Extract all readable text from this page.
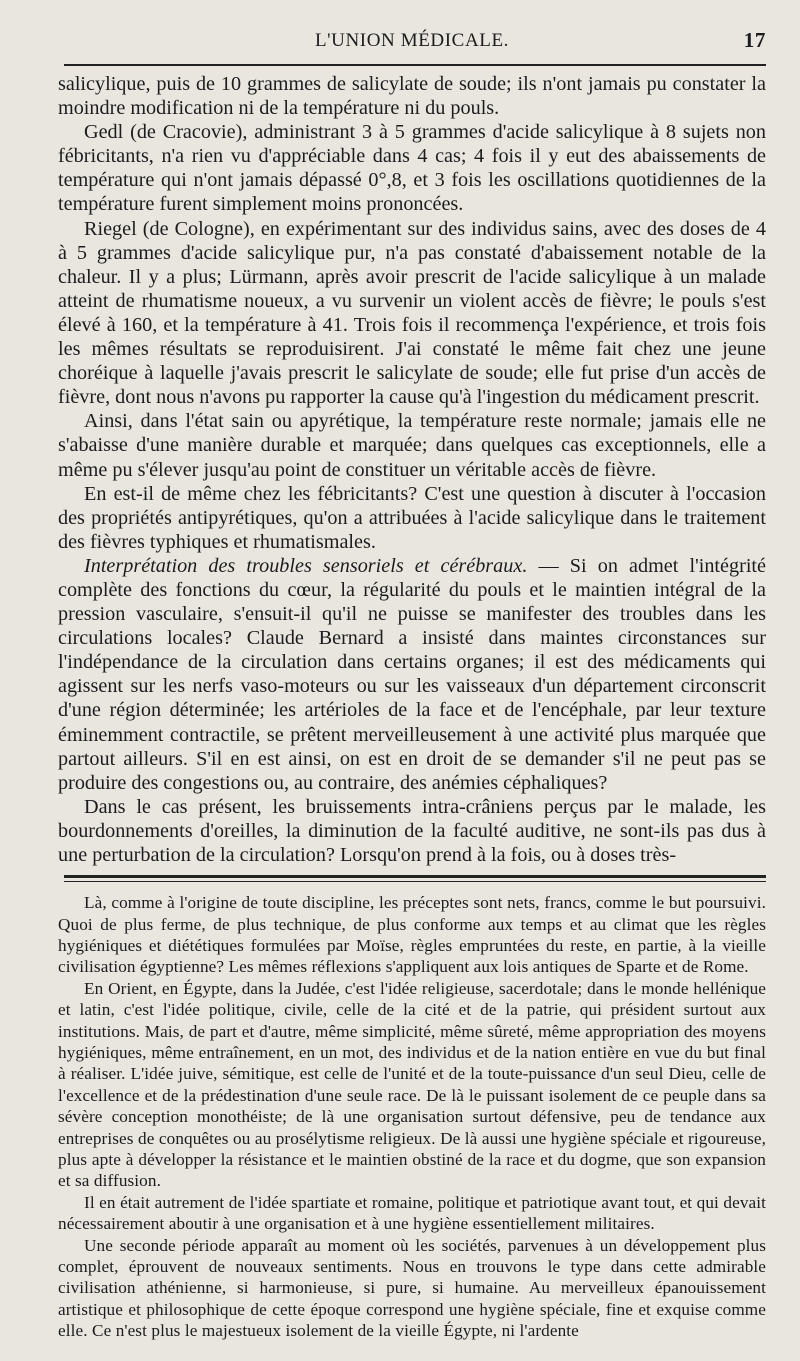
L'UNION MÉDICALE.	17

salicylique, puis de 10 grammes de salicylate de soude; ils n'ont jamais pu constater la moindre modification ni de la température ni du pouls.

Gedl (de Cracovie), administrant 3 à 5 grammes d'acide salicylique à 8 sujets non fébricitants, n'a rien vu d'appréciable dans 4 cas; 4 fois il y eut des abaissements de température qui n'ont jamais dépassé 0°,8, et 3 fois les oscillations quotidiennes de la température furent simplement moins prononcées.

Riegel (de Cologne), en expérimentant sur des individus sains, avec des doses de 4 à 5 grammes d'acide salicylique pur, n'a pas constaté d'abaissement notable de la chaleur. Il y a plus; Lürmann, après avoir prescrit de l'acide salicylique à un malade atteint de rhumatisme noueux, a vu survenir un violent accès de fièvre; le pouls s'est élevé à 160, et la température à 41. Trois fois il recommença l'expérience, et trois fois les mêmes résultats se reproduisirent. J'ai constaté le même fait chez une jeune choréique à laquelle j'avais prescrit le salicylate de soude; elle fut prise d'un accès de fièvre, dont nous n'avons pu rapporter la cause qu'à l'ingestion du médicament prescrit.

Ainsi, dans l'état sain ou apyrétique, la température reste normale; jamais elle ne s'abaisse d'une manière durable et marquée; dans quelques cas exceptionnels, elle a même pu s'élever jusqu'au point de constituer un véritable accès de fièvre.

En est-il de même chez les fébricitants? C'est une question à discuter à l'occasion des propriétés antipyrétiques, qu'on a attribuées à l'acide salicylique dans le traitement des fièvres typhiques et rhumatismales.

Interprétation des troubles sensoriels et cérébraux. — Si on admet l'intégrité complète des fonctions du cœur, la régularité du pouls et le maintien intégral de la pression vasculaire, s'ensuit-il qu'il ne puisse se manifester des troubles dans les circulations locales? Claude Bernard a insisté dans maintes circonstances sur l'indépendance de la circulation dans certains organes; il est des médicaments qui agissent sur les nerfs vaso-moteurs ou sur les vaisseaux d'un département circonscrit d'une région déterminée; les artérioles de la face et de l'encéphale, par leur texture éminemment contractile, se prêtent merveilleusement à une activité plus marquée que partout ailleurs. S'il en est ainsi, on est en droit de se demander s'il ne peut pas se produire des congestions ou, au contraire, des anémies céphaliques?

Dans le cas présent, les bruissements intra-crâniens perçus par le malade, les bourdonnements d'oreilles, la diminution de la faculté auditive, ne sont-ils pas dus à une perturbation de la circulation? Lorsqu'on prend à la fois, ou à doses très-

Là, comme à l'origine de toute discipline, les préceptes sont nets, francs, comme le but poursuivi. Quoi de plus ferme, de plus technique, de plus conforme aux temps et au climat que les règles hygiéniques et diététiques formulées par Moïse, règles empruntées du reste, en partie, à la vieille civilisation égyptienne? Les mêmes réflexions s'appliquent aux lois antiques de Sparte et de Rome.

En Orient, en Égypte, dans la Judée, c'est l'idée religieuse, sacerdotale; dans le monde hellénique et latin, c'est l'idée politique, civile, celle de la cité et de la patrie, qui président surtout aux institutions. Mais, de part et d'autre, même simplicité, même sûreté, même appropriation des moyens hygiéniques, même entraînement, en un mot, des individus et de la nation entière en vue du but final à réaliser. L'idée juive, sémitique, est celle de l'unité et de la toute-puissance d'un seul Dieu, celle de l'excellence et de la prédestination d'une seule race. De là le puissant isolement de ce peuple dans sa sévère conception monothéiste; de là une organisation surtout défensive, peu de tendance aux entreprises de conquêtes ou au prosélytisme religieux. De là aussi une hygiène spéciale et rigoureuse, plus apte à développer la résistance et le maintien obstiné de la race et du dogme, que son expansion et sa diffusion.

Il en était autrement de l'idée spartiate et romaine, politique et patriotique avant tout, et qui devait nécessairement aboutir à une organisation et à une hygiène essentiellement militaires.

Une seconde période apparaît au moment où les sociétés, parvenues à un développement plus complet, éprouvent de nouveaux sentiments. Nous en trouvons le type dans cette admirable civilisation athénienne, si harmonieuse, si pure, si humaine. Au merveilleux épanouissement artistique et philosophique de cette époque correspond une hygiène spéciale, fine et exquise comme elle. Ce n'est plus le majestueux isolement de la vieille Égypte, ni l'ardente
